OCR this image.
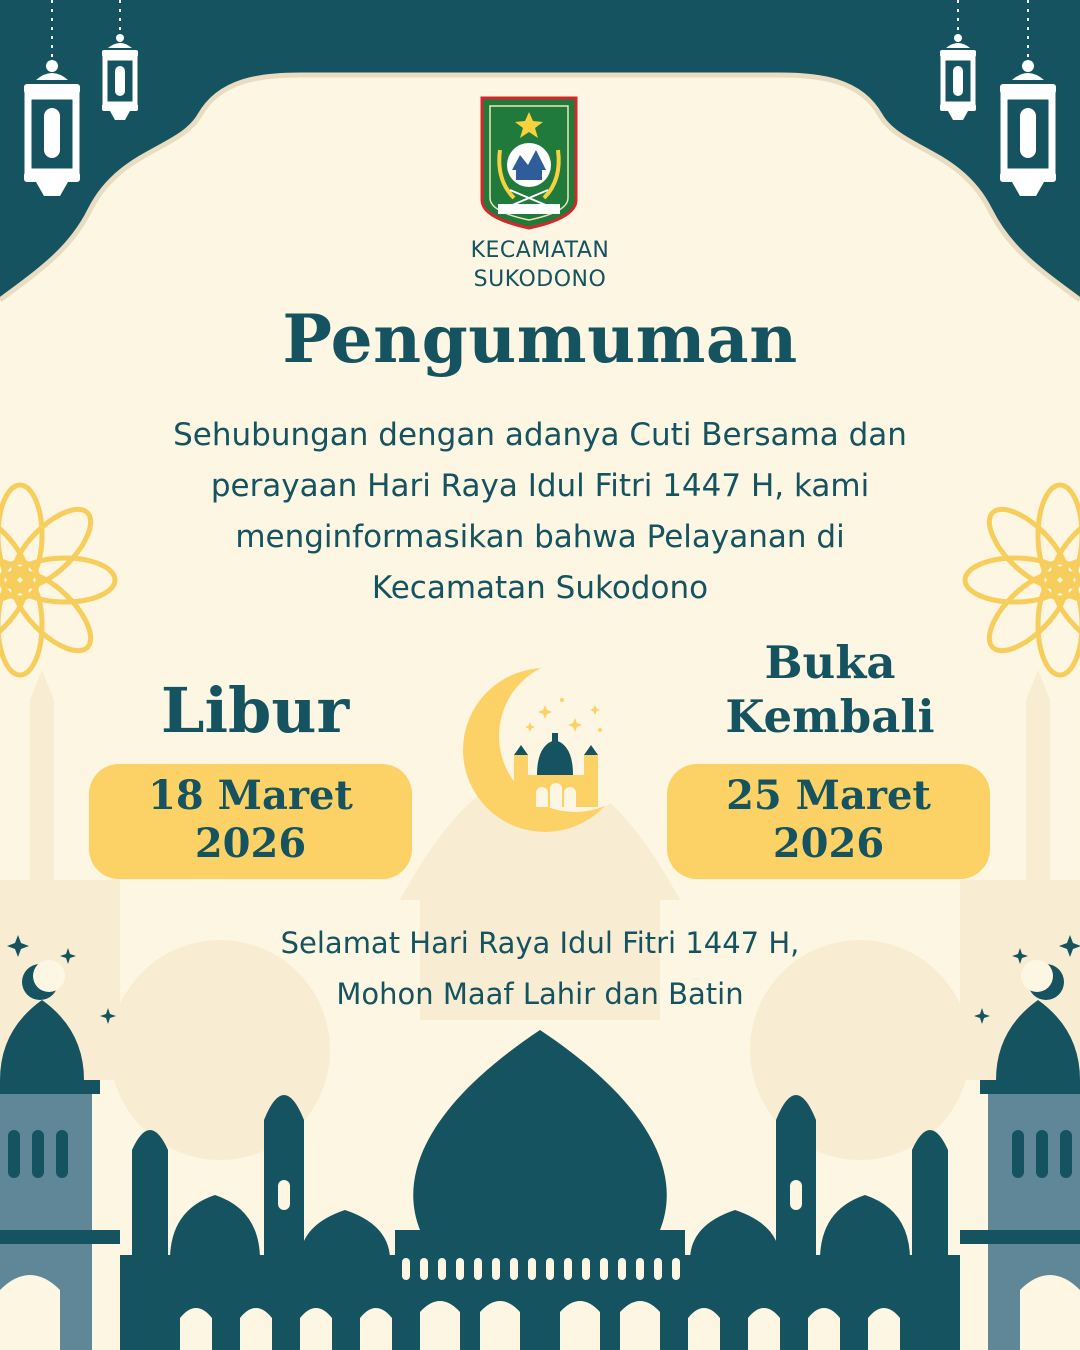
KECAMATAN
SUKODONO
Pengumuman
Sehubungan dengan adanya Cuti Bersama dan
perayaan Hari Raya Idul Fitri 1447 H, kami
menginformasikan bahwa Pelayanan di
Kecamatan Sukodono
Libur
Buka
Kembali
18 Maret
2026
25 Maret
2026
Selamat Hari Raya Idul Fitri 1447 H,
Mohon Maaf Lahir dan Batin
